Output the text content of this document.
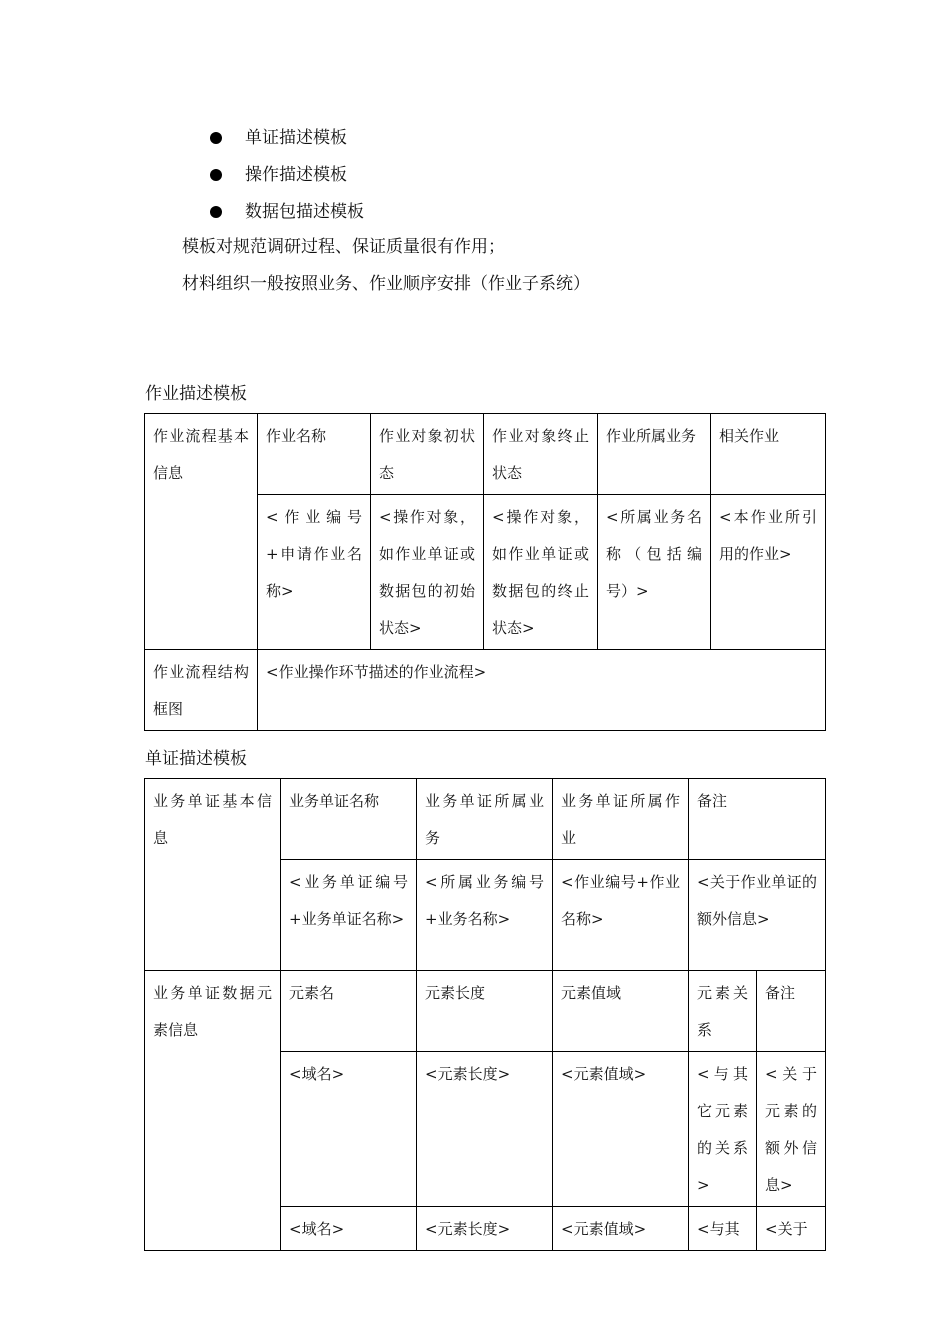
单证描述模板
操作描述模板
数据包描述模板

模板对规范调研过程、保证质量很有作用；

材料组织一般按照业务、作业顺序安排（作业子系统）

作业描述模板
作业流程基本信息	作业名称	作业对象初状态	作业对象终止状态	作业所属业务	相关作业
	<作业编号+申请作业名称>	<操作对象，如作业单证或数据包的初始状态>	<操作对象，如作业单证或数据包的终止状态>	<所属业务名称（包括编号）>	<本作业所引用的作业>
作业流程结构框图	<作业操作环节描述的作业流程>				
单证描述模板
业务单证基本信息	业务单证名称	业务单证所属业务	业务单证所属作业	备注	
	<业务单证编号+业务单证名称>	<所属业务编号+业务名称>	<作业编号+作业名称>	<关于作业单证的额外信息>	
业务单证数据元素信息	元素名	元素长度	元素值域	元素关系	备注
	<域名>	<元素长度>	<元素值域>	<与其它元素的关系>	<关于元素的额外信息>
	<域名>	<元素长度>	<元素值域>	<与其	<关于
